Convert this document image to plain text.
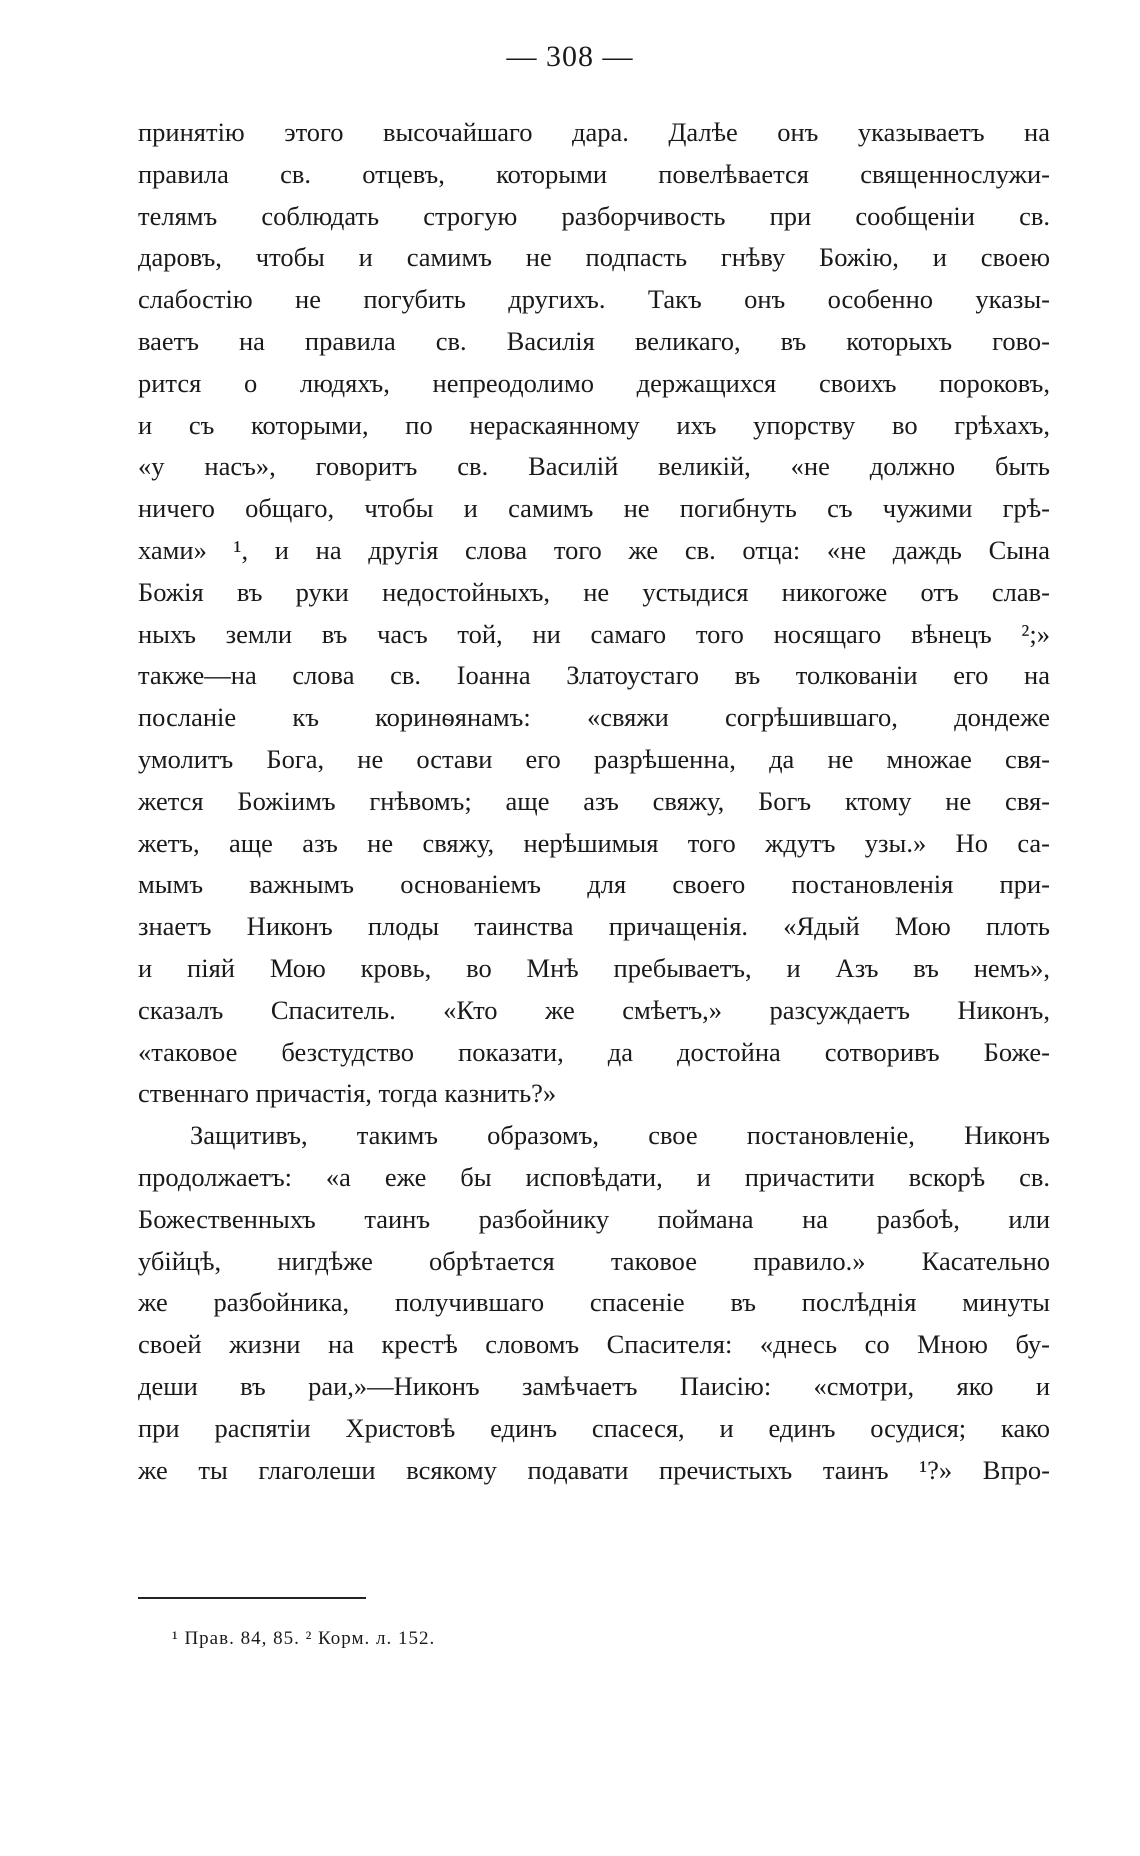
— 308 —
принятію этого высочайшаго дара. Далѣе онъ указываетъ на
правила св. отцевъ, которыми повелѣвается священнослужи-
телямъ соблюдать строгую разборчивость при сообщеніи св.
даровъ, чтобы и самимъ не подпасть гнѣву Божію, и своею
слабостію не погубить другихъ. Такъ онъ особенно указы-
ваетъ на правила св. Василія великаго, въ которыхъ гово-
рится о людяхъ, непреодолимо держащихся своихъ пороковъ,
и съ которыми, по нераскаянному ихъ упорству во грѣхахъ,
«у насъ», говоритъ св. Василій великій, «не должно быть
ничего общаго, чтобы и самимъ не погибнуть съ чужими грѣ-
хами» ¹, и на другія слова того же св. отца: «не даждь Сына
Божія въ руки недостойныхъ, не устыдися никогоже отъ слав-
ныхъ земли въ часъ той, ни самаго того носящаго вѣнецъ ²;»
также—на слова св. Іоанна Златоустаго въ толкованіи его на
посланіе къ коринѳянамъ: «свяжи согрѣшившаго, дондеже
умолитъ Бога, не остави его разрѣшенна, да не множае свя-
жется Божіимъ гнѣвомъ; аще азъ свяжу, Богъ ктому не свя-
жетъ, аще азъ не свяжу, нерѣшимыя того ждутъ узы.» Но са-
мымъ важнымъ основаніемъ для своего постановленія при-
знаетъ Никонъ плоды таинства причащенія. «Ядый Мою плоть
и піяй Мою кровь, во Мнѣ пребываетъ, и Азъ въ немъ»,
сказалъ Спаситель. «Кто же смѣетъ,» разсуждаетъ Никонъ,
«таковое безстудство показати, да достойна сотворивъ Боже-
ственнаго причастія, тогда казнить?»
Защитивъ, такимъ образомъ, свое постановленіе, Никонъ
продолжаетъ: «а еже бы исповѣдати, и причастити вскорѣ св.
Божественныхъ таинъ разбойнику поймана на разбоѣ, или
убійцѣ, нигдѣже обрѣтается таковое правило.» Касательно
же разбойника, получившаго спасеніе въ послѣднія минуты
своей жизни на крестѣ словомъ Спасителя: «днесь со Мною бу-
деши въ раи,»—Никонъ замѣчаетъ Паисію: «смотри, яко и
при распятіи Христовѣ единъ спасеся, и единъ осудися; како
же ты глаголеши всякому подавати пречистыхъ таинъ ¹?» Впро-
¹ Прав. 84, 85. ² Корм. л. 152.
